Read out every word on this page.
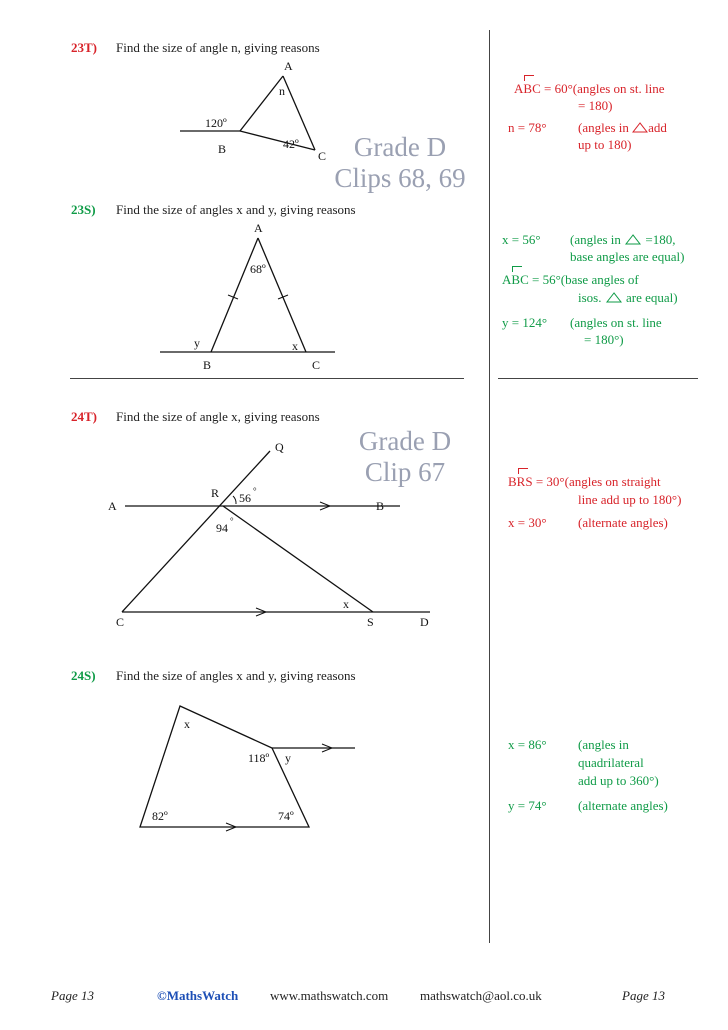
23T) Find the size of angle n, giving reasons
A
n
120º
B	42º
C	Grade D
Clips 68, 69
ABC = 60°(angles on st. line
= 180)
n = 78° (angles in add
up to 180)
23S) Find the size of angles x and y, giving reasons
A
68º
y	x
B	C
x = 56° (angles in =180,
base angles are equal)
ABC = 56°(base angles of
isos. are equal)
y = 124° (angles on st. line
= 180°)
24T) Find the size of angle x, giving reasons
Q
R 56 °
A	B
94 °
x
C	S	D
Grade D
Clip 67	BRS = 30°(angles on straight
line add up to 180°)
x = 30° (alternate angles)
24S) Find the size of angles x and y, giving reasons
x
118º y
82º	74º
x = 86° (angles in
quadrilateral
add up to 360°)
y = 74° (alternate angles)
Page 13	©MathsWatch www.mathswatch.com mathswatch@aol.co.uk	Page 13
